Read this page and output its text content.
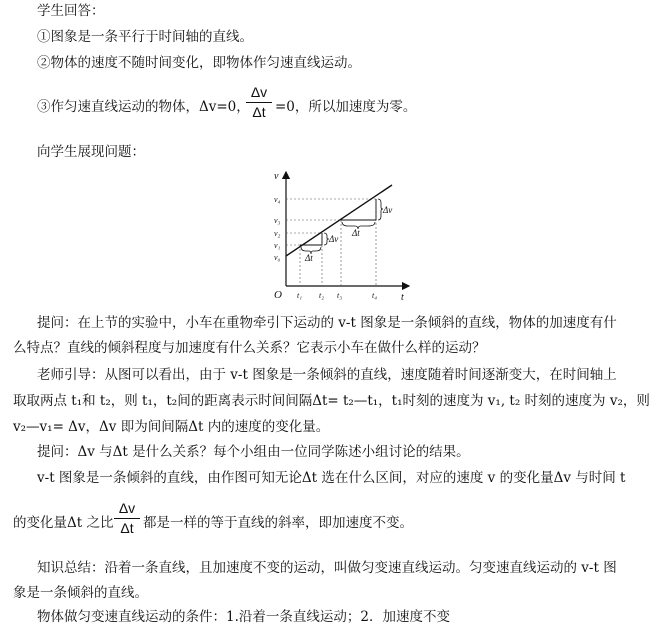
学生回答：
①图象是一条平行于时间轴的直线。
②物体的速度不随时间变化，即物体作匀速直线运动。
③作匀速直线运动的物体，Δv=0，
Δv
Δt =0，所以加速度为零。
向学生展现问题：
v
t
O
v₄
v₃
v₂
v₁
v₀
t₁ t₂ t₃	t₄
Δv
Δt
Δv
Δt
提问：在上节的实验中，小车在重物牵引下运动的 v-t 图象是一条倾斜的直线，物体的加速度有什
么特点？直线的倾斜程度与加速度有什么关系？它表示小车在做什么样的运动？
老师引导：从图可以看出，由于 v-t 图象是一条倾斜的直线，速度随着时间逐渐变大，在时间轴上
取取两点 t₁和 t₂，则 t₁，t₂间的距离表示时间间隔Δt= t₂—t₁，t₁时刻的速度为 v₁, t₂ 时刻的速度为 v₂，则
v₂—v₁= Δv，Δv 即为间间隔Δt 内的速度的变化量。
提问：Δv 与Δt 是什么关系？每个小组由一位同学陈述小组讨论的结果。
v-t 图象是一条倾斜的直线，由作图可知无论Δt 选在什么区间，对应的速度 v 的变化量Δv 与时间 t
的变化量Δt 之比
Δv
Δt 都是一样的等于直线的斜率，即加速度不变。
知识总结：沿着一条直线，且加速度不变的运动，叫做匀变速直线运动。匀变速直线运动的 v-t 图
象是一条倾斜的直线。
物体做匀变速直线运动的条件：1.沿着一条直线运动；2．加速度不变
